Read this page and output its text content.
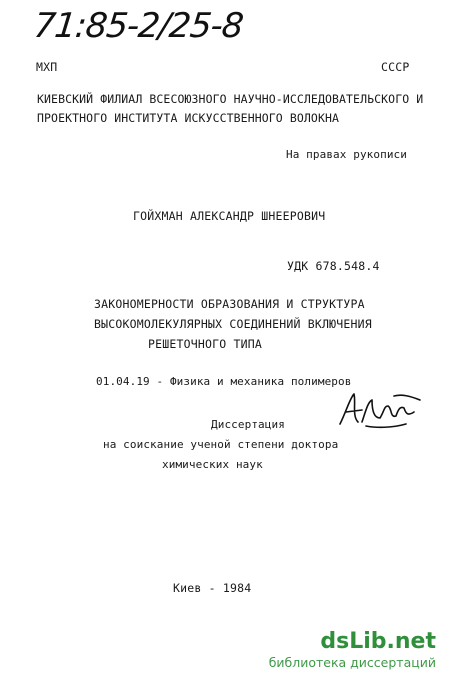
71:85-2/25-8
МХП	СССР
КИЕВСКИЙ ФИЛИАЛ ВСЕСОЮЗНОГО НАУЧНО-ИССЛЕДОВАТЕЛЬСКОГО И
ПРОЕКТНОГО ИНСТИТУТА ИСКУССТВЕННОГО ВОЛОКНА
На правах рукописи
ГОЙХМАН АЛЕКСАНДР ШНЕЕРОВИЧ
УДК 678.548.4
ЗАКОНОМЕРНОСТИ ОБРАЗОВАНИЯ И СТРУКТУРА
ВЫСОКОМОЛЕКУЛЯРНЫХ СОЕДИНЕНИЙ ВКЛЮЧЕНИЯ
РЕШЕТОЧНОГО ТИПА
01.04.19 - Физика и механика полимеров
Диссертация
на соискание ученой степени доктора
химических наук
Киев - 1984
dsLib.net
библиотека диссертаций
